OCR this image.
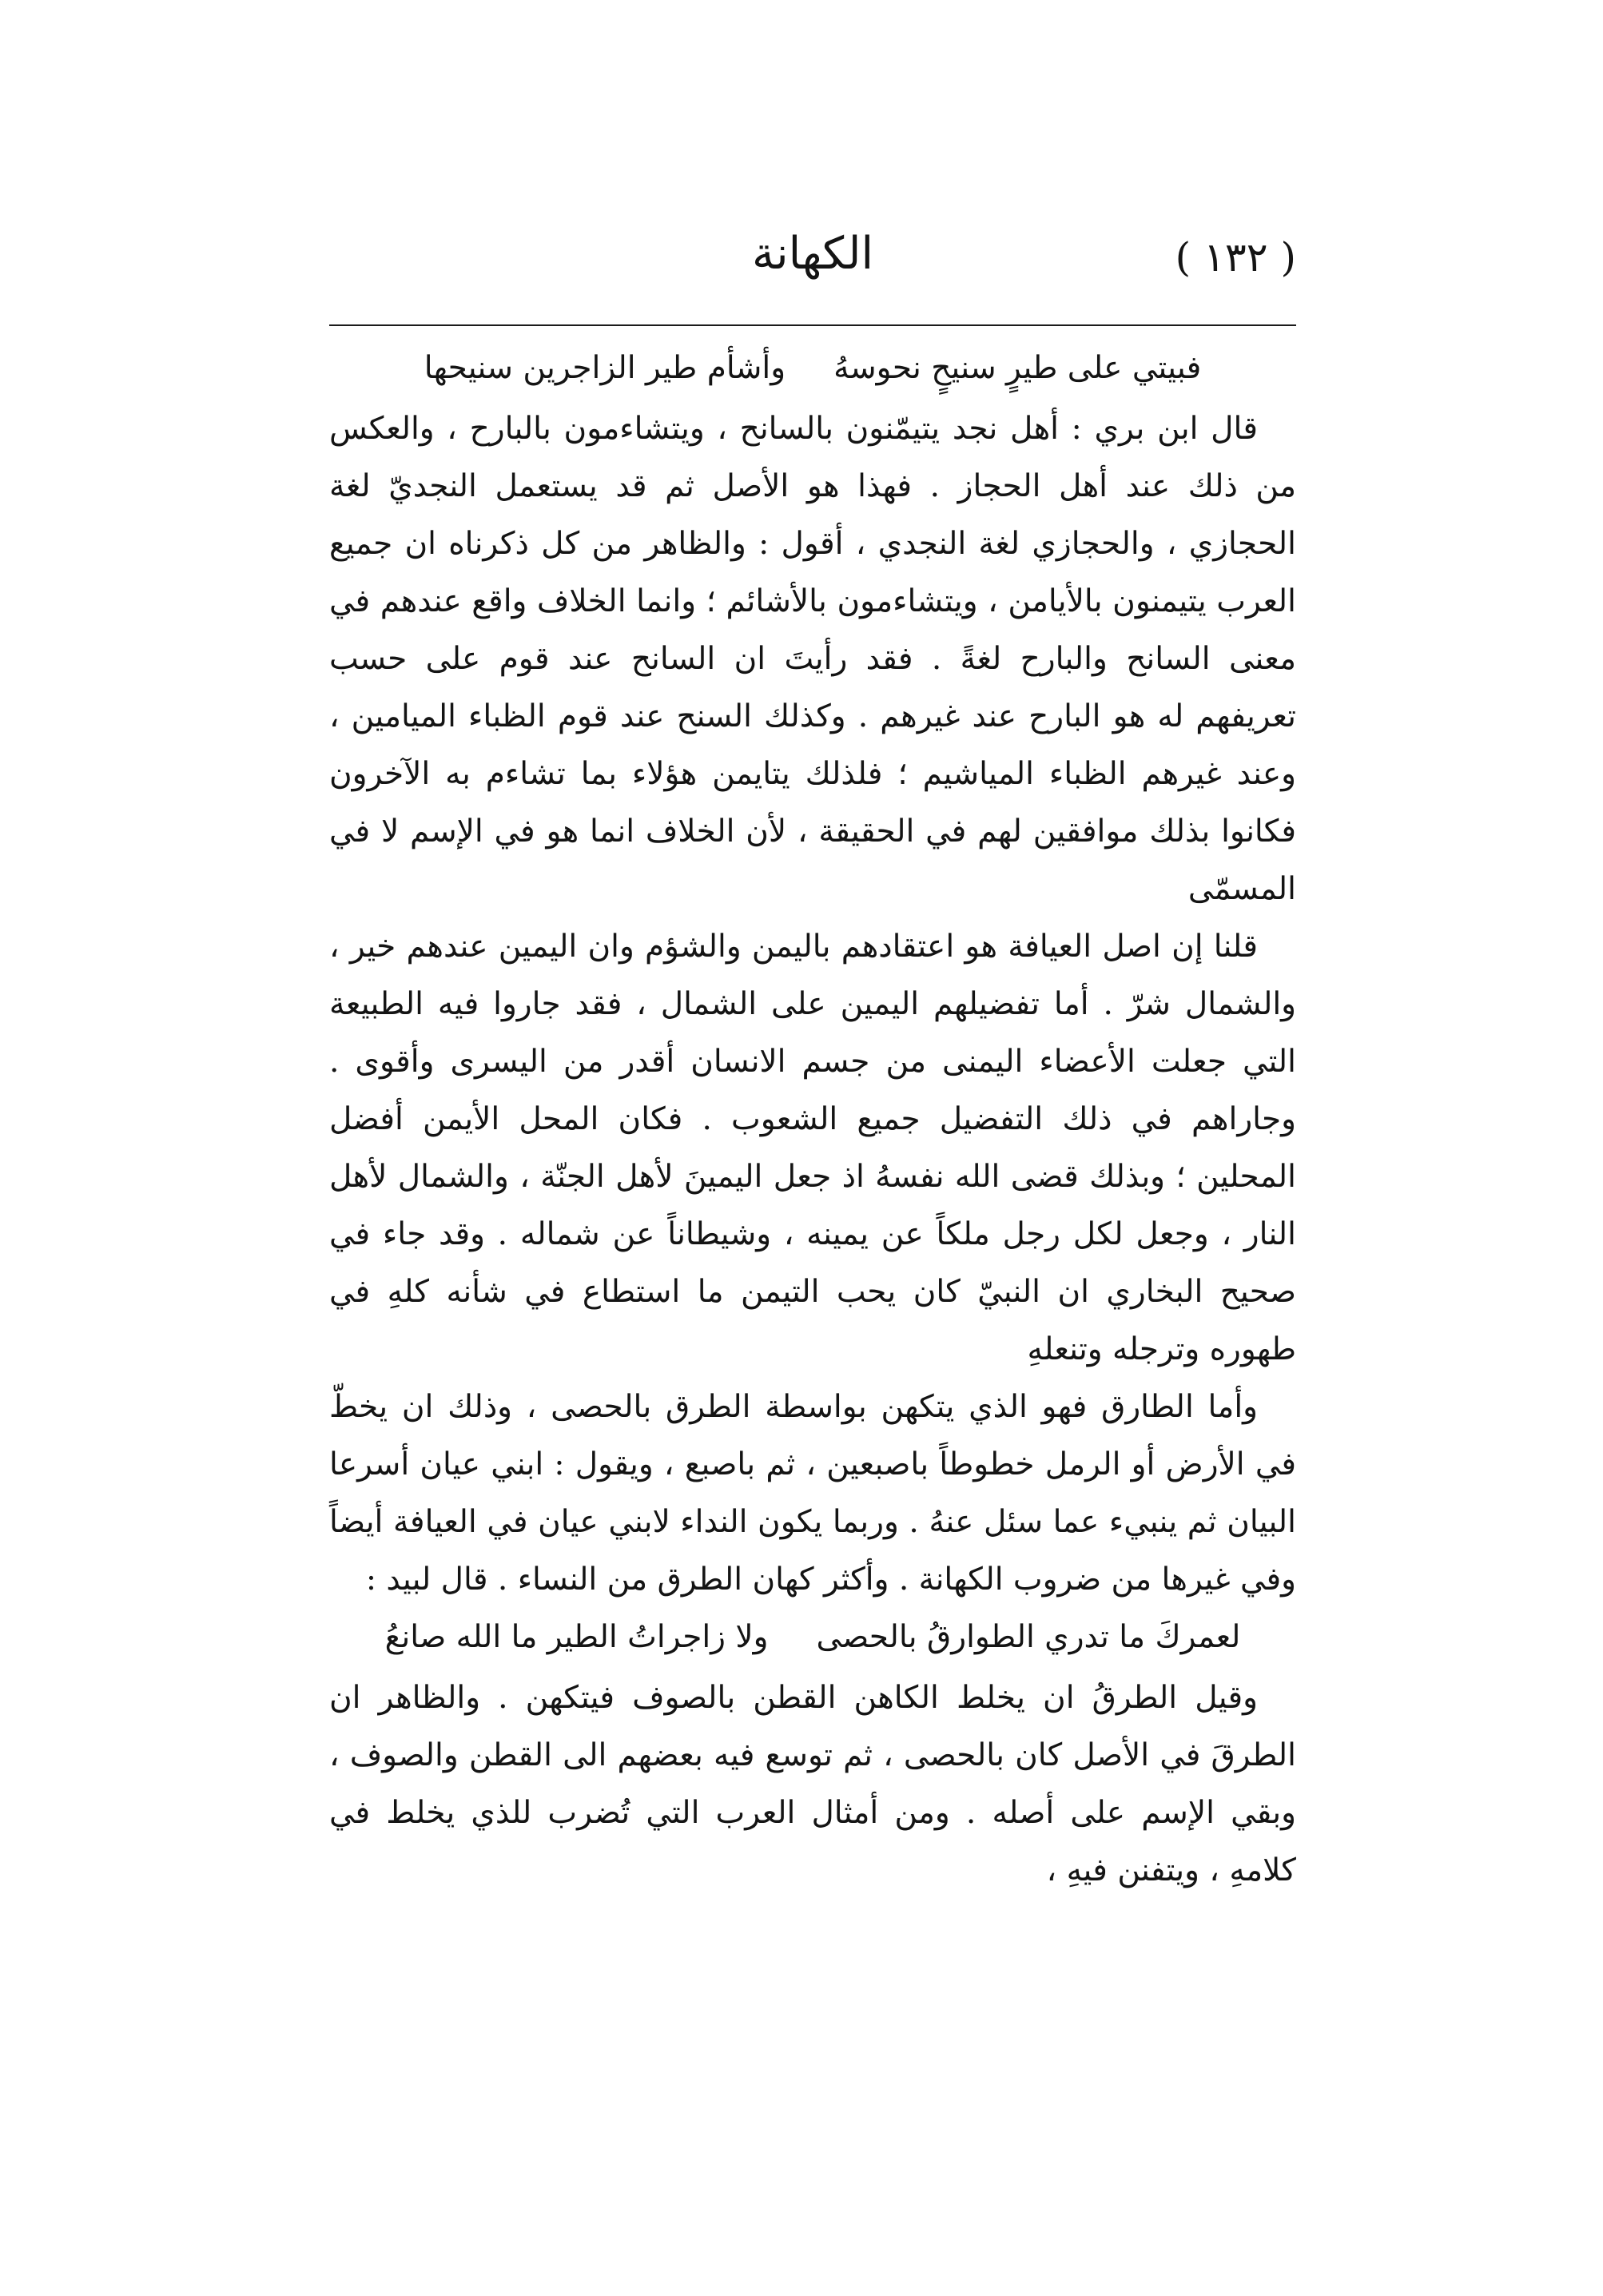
( ١٣٢ )
الكهانة
فبيتي على طيرٍ سنيحٍ نحوسهُ
وأشأم طير الزاجرين سنيحها

قال ابن بري : أهل نجد يتيمّنون بالسانح ، ويتشاءمون بالبارح ، والعكس من ذلك عند أهل الحجاز . فهذا هو الأصل ثم قد يستعمل النجديّ لغة الحجازي ، والحجازي لغة النجدي ، أقول : والظاهر من كل ذكرناه ان جميع العرب يتيمنون بالأيامن ، ويتشاءمون بالأشائم ؛ وانما الخلاف واقع عندهم في معنى السانح والبارح لغةً . فقد رأيتَ ان السانح عند قوم على حسب تعريفهم له هو البارح عند غيرهم . وكذلك السنح عند قوم الظباء الميامين ، وعند غيرهم الظباء المياشيم ؛ فلذلك يتايمن هؤلاء بما تشاءم به الآخرون فكانوا بذلك موافقين لهم في الحقيقة ، لأن الخلاف انما هو في الإسم لا في المسمّى

قلنا إن اصل العيافة هو اعتقادهم باليمن والشؤم وان اليمين عندهم خير ، والشمال شرّ . أما تفضيلهم اليمين على الشمال ، فقد جاروا فيه الطبيعة التي جعلت الأعضاء اليمنى من جسم الانسان أقدر من اليسرى وأقوى . وجاراهم في ذلك التفضيل جميع الشعوب . فكان المحل الأيمن أفضل المحلين ؛ وبذلك قضى الله نفسهُ اذ جعل اليمينَ لأهل الجنّة ، والشمال لأهل النار ، وجعل لكل رجل ملكاً عن يمينه ، وشيطاناً عن شماله . وقد جاء في صحيح البخاري ان النبيّ كان يحب التيمن ما استطاع في شأنه كلهِ في طهوره وترجله وتنعلهِ

وأما الطارق فهو الذي يتكهن بواسطة الطرق بالحصى ، وذلك ان يخطّ في الأرض أو الرمل خطوطاً باصبعين ، ثم باصبع ، ويقول : ابني عيان أسرعا البيان ثم ينبيء عما سئل عنهُ . وربما يكون النداء لابني عيان في العيافة أيضاً وفي غيرها من ضروب الكهانة . وأكثر كهان الطرق من النساء . قال لبيد :

لعمركَ ما تدري الطوارقُ بالحصى
ولا زاجراتُ الطير ما الله صانعُ

وقيل الطرقُ ان يخلط الكاهن القطن بالصوف فيتكهن . والظاهر ان الطرقَ في الأصل كان بالحصى ، ثم توسع فيه بعضهم الى القطن والصوف ، وبقي الإسم على أصله . ومن أمثال العرب التي تُضرب للذي يخلط في كلامهِ ، ويتفنن فيهِ ،
